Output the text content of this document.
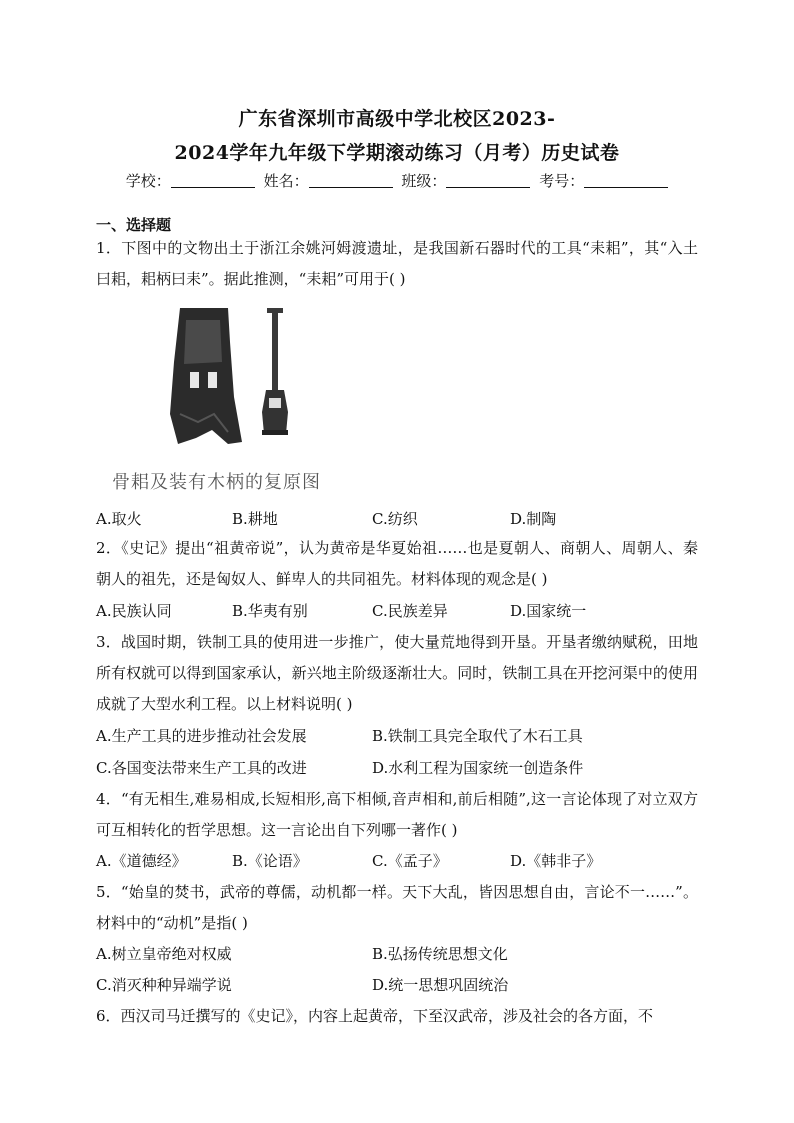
广东省深圳市高级中学北校区2023-
2024学年九年级下学期滚动练习（月考）历史试卷
学校：	姓名：	班级：	考号：
一、选择题
1．下图中的文物出土于浙江余姚河姆渡遗址，是我国新石器时代的工具“耒耜”，其“入土曰耜，耜柄曰耒”。据此推测，“耒耜”可用于( )
骨耜及装有木柄的复原图
A.取火	B.耕地	C.纺织	D.制陶
2．《史记》提出“祖黄帝说”，认为黄帝是华夏始祖……也是夏朝人、商朝人、周朝人、秦朝人的祖先，还是匈奴人、鲜卑人的共同祖先。材料体现的观念是( )
A.民族认同	B.华夷有别	C.民族差异	D.国家统一
3．战国时期，铁制工具的使用进一步推广，使大量荒地得到开垦。开垦者缴纳赋税，田地所有权就可以得到国家承认，新兴地主阶级逐渐壮大。同时，铁制工具在开挖河渠中的使用成就了大型水利工程。以上材料说明( )
A.生产工具的进步推动社会发展	B.铁制工具完全取代了木石工具
C.各国变法带来生产工具的改进	D.水利工程为国家统一创造条件
4．“有无相生,难易相成,长短相形,高下相倾,音声相和,前后相随”,这一言论体现了对立双方可互相转化的哲学思想。这一言论出自下列哪一著作( )
A.《道德经》	B.《论语》	C.《孟子》	D.《韩非子》
5．“始皇的焚书，武帝的尊儒，动机都一样。天下大乱，皆因思想自由，言论不一……”。材料中的“动机”是指( )
A.树立皇帝绝对权威	B.弘扬传统思想文化
C.消灭种种异端学说	D.统一思想巩固统治
6．西汉司马迁撰写的《史记》，内容上起黄帝，下至汉武帝，涉及社会的各方面，不
